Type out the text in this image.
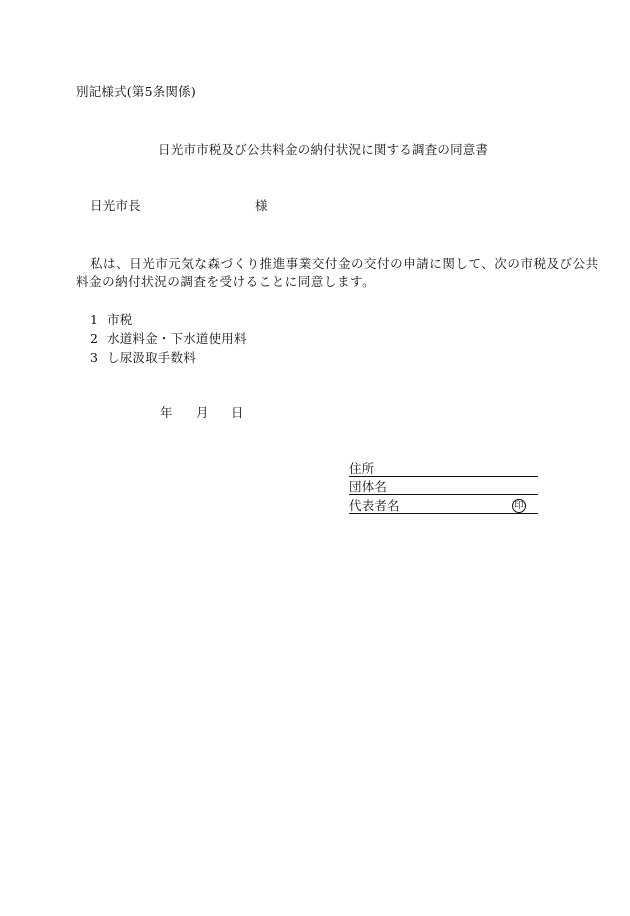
別記様式(第5条関係)
日光市市税及び公共料金の納付状況に関する調査の同意書
日光市長	様
私は、日光市元気な森づくり推進事業交付金の交付の申請に関して、次の市税及び公共
料金の納付状況の調査を受けることに同意します。
1 市税
2 水道料金・下水道使用料
3 し尿汲取手数料
年 月 日
住所
団体名
代表者名	印
